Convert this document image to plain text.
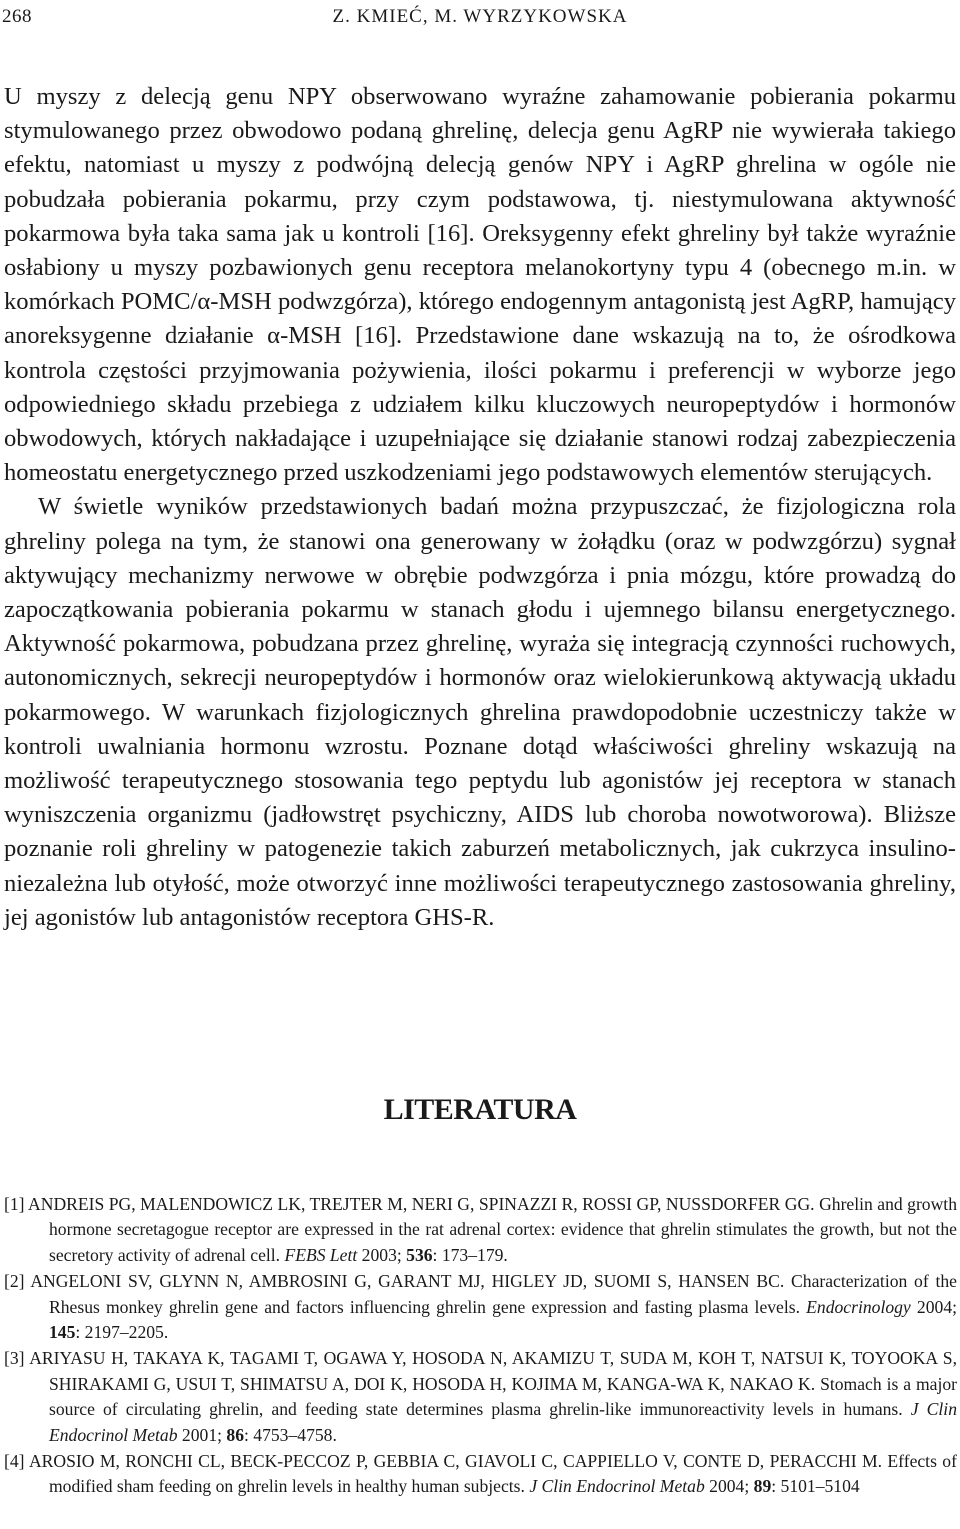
268	Z. KMIEĆ, M. WYRZYKOWSKA

U myszy z delecją genu NPY obserwowano wyraźne zahamowanie pobierania pokarmu stymulowanego przez obwodowo podaną ghrelinę, delecja genu AgRP nie wywierała takiego efektu, natomiast u myszy z podwójną delecją genów NPY i AgRP ghrelina w ogóle nie pobudzała pobierania pokarmu, przy czym podstawowa, tj. niestymulowana aktywność pokarmowa była taka sama jak u kontroli [16]. Oreksygenny efekt ghreliny był także wyraźnie osłabiony u myszy pozbawionych genu receptora melanokortyny typu 4 (obecnego m.in. w komórkach POMC/α-MSH podwzgórza), którego endogennym antagonistą jest AgRP, hamujący anoreksygenne działanie α-MSH [16]. Przedstawione dane wskazują na to, że ośrodkowa kontrola częstości przyjmowania pożywienia, ilości pokarmu i preferencji w wyborze jego odpowiedniego składu przebiega z udziałem kilku kluczowych neuropeptydów i hormonów obwodowych, których nakładające i uzupełniające się działanie stanowi rodzaj zabezpieczenia homeostatu energetycznego przed uszkodzeniami jego podstawowych elementów sterujących.

W świetle wyników przedstawionych badań można przypuszczać, że fizjologiczna rola ghreliny polega na tym, że stanowi ona generowany w żołądku (oraz w podwzgórzu) sygnał aktywujący mechanizmy nerwowe w obrębie podwzgórza i pnia mózgu, które prowadzą do zapoczątkowania pobierania pokarmu w stanach głodu i ujemnego bilansu energetycznego. Aktywność pokarmowa, pobudzana przez ghrelinę, wyraża się integracją czynności ruchowych, autonomicznych, sekrecji neuropeptydów i hormonów oraz wielokierunkową aktywacją układu pokarmowego. W warunkach fizjologicznych ghrelina prawdopodobnie uczestniczy także w kontroli uwalniania hormonu wzrostu. Poznane dotąd właściwości ghreliny wskazują na możliwość terapeutycznego stosowania tego peptydu lub agonistów jej receptora w stanach wyniszczenia organizmu (jadłowstręt psychiczny, AIDS lub choroba nowotworowa). Bliższe poznanie roli ghreliny w patogenezie takich zaburzeń metabolicznych, jak cukrzyca insulino-niezależna lub otyłość, może otworzyć inne możliwości terapeutycznego zastosowania ghreliny, jej agonistów lub antagonistów receptora GHS-R.

LITERATURA

[1] ANDREIS PG, MALENDOWICZ LK, TREJTER M, NERI G, SPINAZZI R, ROSSI GP, NUSSDORFER GG. Ghrelin and growth hormone secretagogue receptor are expressed in the rat adrenal cortex: evidence that ghrelin stimulates the growth, but not the secretory activity of adrenal cell. FEBS Lett 2003; 536: 173–179.

[2] ANGELONI SV, GLYNN N, AMBROSINI G, GARANT MJ, HIGLEY JD, SUOMI S, HANSEN BC. Characterization of the Rhesus monkey ghrelin gene and factors influencing ghrelin gene expression and fasting plasma levels. Endocrinology 2004; 145: 2197–2205.

[3] ARIYASU H, TAKAYA K, TAGAMI T, OGAWA Y, HOSODA N, AKAMIZU T, SUDA M, KOH T, NATSUI K, TOYOOKA S, SHIRAKAMI G, USUI T, SHIMATSU A, DOI K, HOSODA H, KOJIMA M, KANGA-WA K, NAKAO K. Stomach is a major source of circulating ghrelin, and feeding state determines plasma ghrelin-like immunoreactivity levels in humans. J Clin Endocrinol Metab 2001; 86: 4753–4758.

[4] AROSIO M, RONCHI CL, BECK-PECCOZ P, GEBBIA C, GIAVOLI C, CAPPIELLO V, CONTE D, PERACCHI M. Effects of modified sham feeding on ghrelin levels in healthy human subjects. J Clin Endocrinol Metab 2004; 89: 5101–5104
